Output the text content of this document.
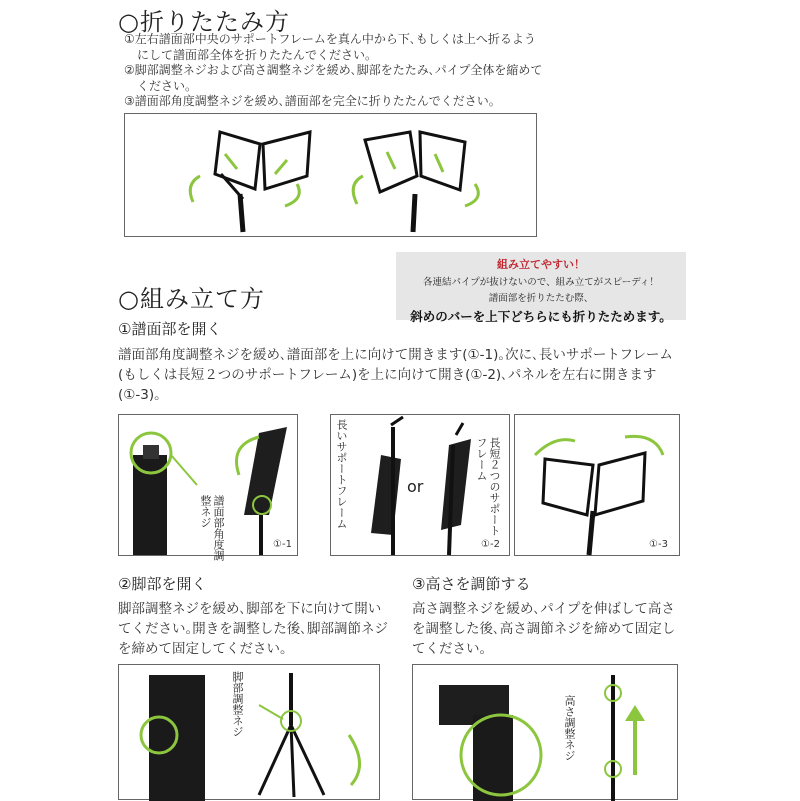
○折りたたみ方

①左右譜面部中央のサポートフレームを真ん中から下､もしくは上へ折るようにして譜面部全体を折りたたんでください｡

②脚部調整ネジおよび高さ調整ネジを緩め､脚部をたたみ､パイプ全体を縮めてください｡

③譜面部角度調整ネジを緩め､譜面部を完全に折りたたんでください｡

組み立てやすい！
各連結パイプが抜けないので、組み立てがスピーディ！
譜面部を折りたたむ際、
斜めのバーを上下どちらにも折りたためます。
○組み立て方
①譜面部を開く
譜面部角度調整ネジを緩め､譜面部を上に向けて開きます(①-1)｡次に､長いサポートフレーム(もしくは長短２つのサポートフレーム)を上に向けて開き(①-2)､パネルを左右に開きます(①-3)｡
譜面部角度調整ネジ
①-1
長いサポートフレーム	or	長短２つのサポートフレーム
①-2	①-3
②脚部を開く
脚部調整ネジを緩め､脚部を下に向けて開いてください｡開きを調整した後､脚部調節ネジを締めて固定してください｡
脚部調整ネジ
③高さを調節する
高さ調整ネジを緩め､パイプを伸ばして高さを調整した後､高さ調節ネジを締めて固定してください｡
高さ調整ネジ
